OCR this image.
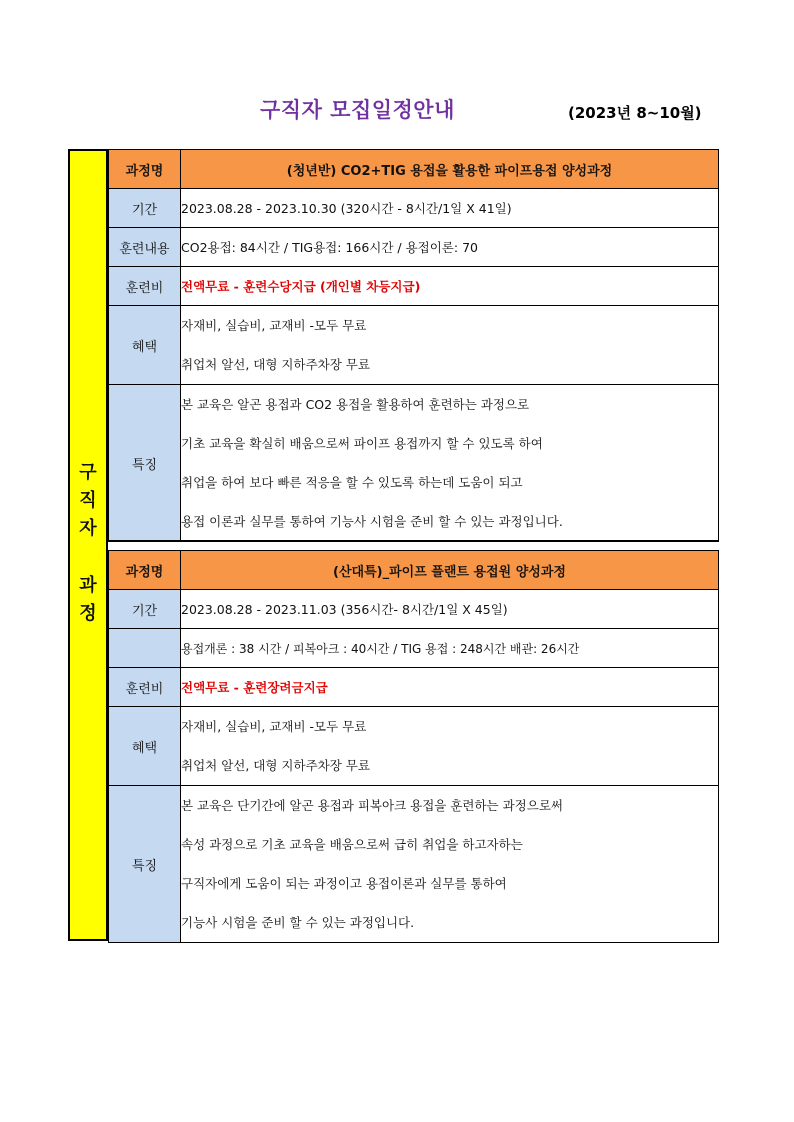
구직자 모집일정안내	(2023년 8~10월)
구
직
자
과
정
과정명	(청년반) CO2+TIG 용접을 활용한 파이프용접 양성과정
기간	2023.08.28 - 2023.10.30 (320시간 - 8시간/1일 X 41일)
훈련내용	CO2용접: 84시간 / TIG용접: 166시간 / 용접이론: 70
훈련비	전액무료 - 훈련수당지급 (개인별 차등지급)
혜택	자재비, 실습비, 교재비 -모두 무료
취업처 알선, 대형 지하주차장 무료

특징	본 교육은 알곤 용접과 CO2 용접을 활용하여 훈련하는 과정으로
기초 교육을 확실히 배움으로써 파이프 용접까지 할 수 있도록 하여
취업을 하여 보다 빠른 적응을 할 수 있도록 하는데 도움이 되고
용접 이론과 실무를 통하여 기능사 시험을 준비 할 수 있는 과정입니다.
과정명	(산대특)_파이프 플랜트 용접원 양성과정
기간	2023.08.28 - 2023.11.03 (356시간- 8시간/1일 X 45일)
	용접개론 : 38 시간 / 피복아크 : 40시간 / TIG 용접 : 248시간 배관: 26시간
훈련비	전액무료 - 훈련장려금지급
혜택	자재비, 실습비, 교재비 -모두 무료
취업처 알선, 대형 지하주차장 무료

특징	본 교육은 단기간에 알곤 용접과 피복아크 용접을 훈련하는 과정으로써
속성 과정으로 기초 교육을 배움으로써 급히 취업을 하고자하는
구직자에게 도움이 되는 과정이고 용접이론과 실무를 통하여
기능사 시험을 준비 할 수 있는 과정입니다.
